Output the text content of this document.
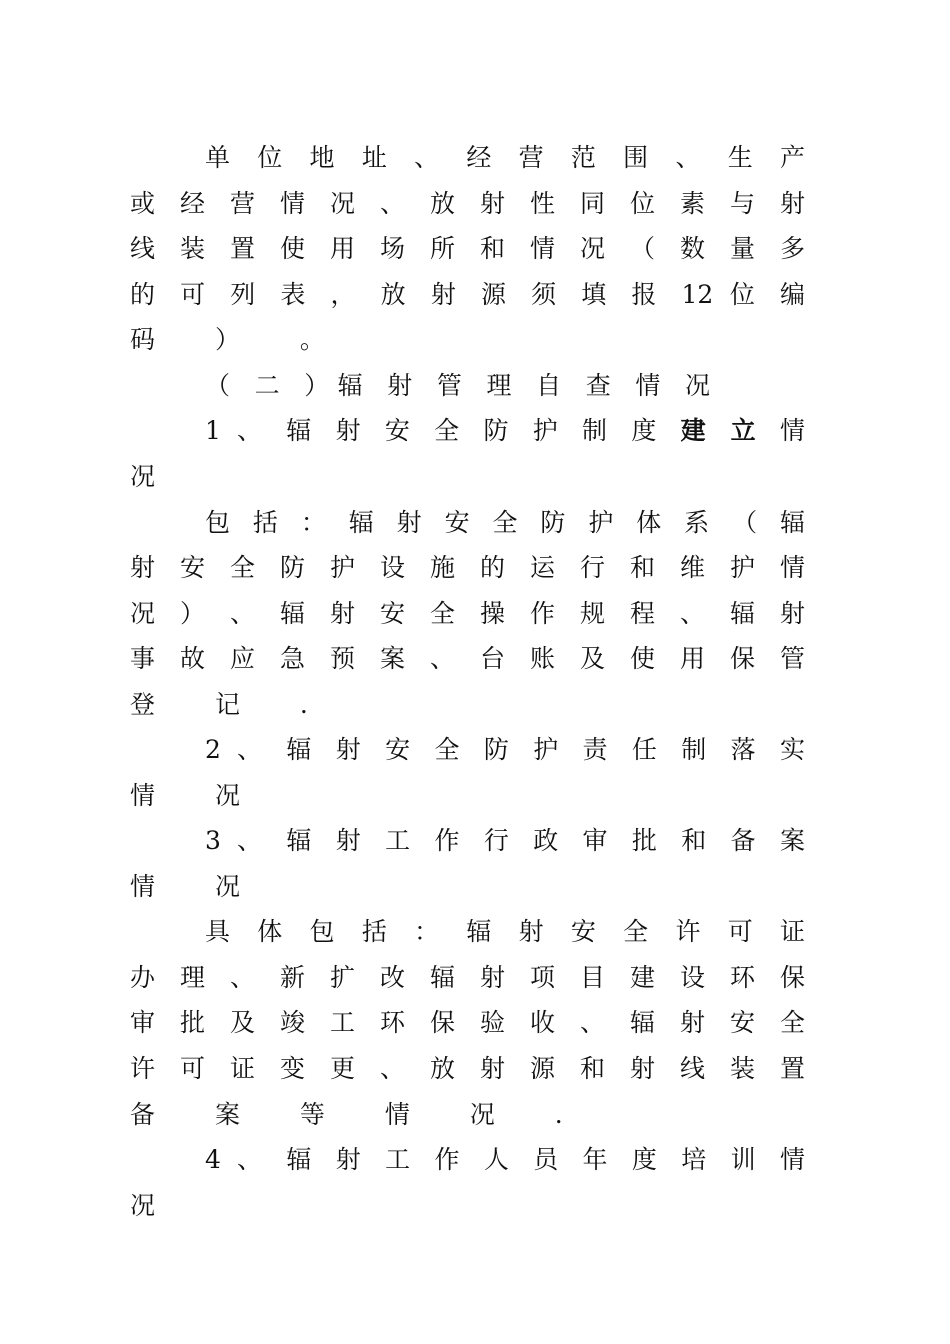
单 位 地 址 、 经 营 范 围 、 生 产
或 经 营 情 况 、 放 射 性 同 位 素 与 射
线 装 置 使 用 场 所 和 情 况 （ 数 量 多
的 可 列 表 ， 放 射 源 须 填 报 12 位 编
码 ） 。
（ 二 ）辐 射 管 理 自 查 情 况
1 、 辐 射 安 全 防 护 制 度 建 立 情
况
包 括 ： 辐 射 安 全 防 护 体 系 （ 辐
射 安 全 防 护 设 施 的 运 行 和 维 护 情
况 ） 、 辐 射 安 全 操 作 规 程 、 辐 射
事 故 应 急 预 案 、 台 账 及 使 用 保 管
登 记 .
2 、 辐 射 安 全 防 护 责 任 制 落 实
情 况
3 、 辐 射 工 作 行 政 审 批 和 备 案
情 况
具 体 包 括 ： 辐 射 安 全 许 可 证
办 理 、 新 扩 改 辐 射 项 目 建 设 环 保
审 批 及 竣 工 环 保 验 收 、 辐 射 安 全
许 可 证 变 更 、 放 射 源 和 射 线 装 置
备 案 等 情 况 .
4 、 辐 射 工 作 人 员 年 度 培 训 情
况
